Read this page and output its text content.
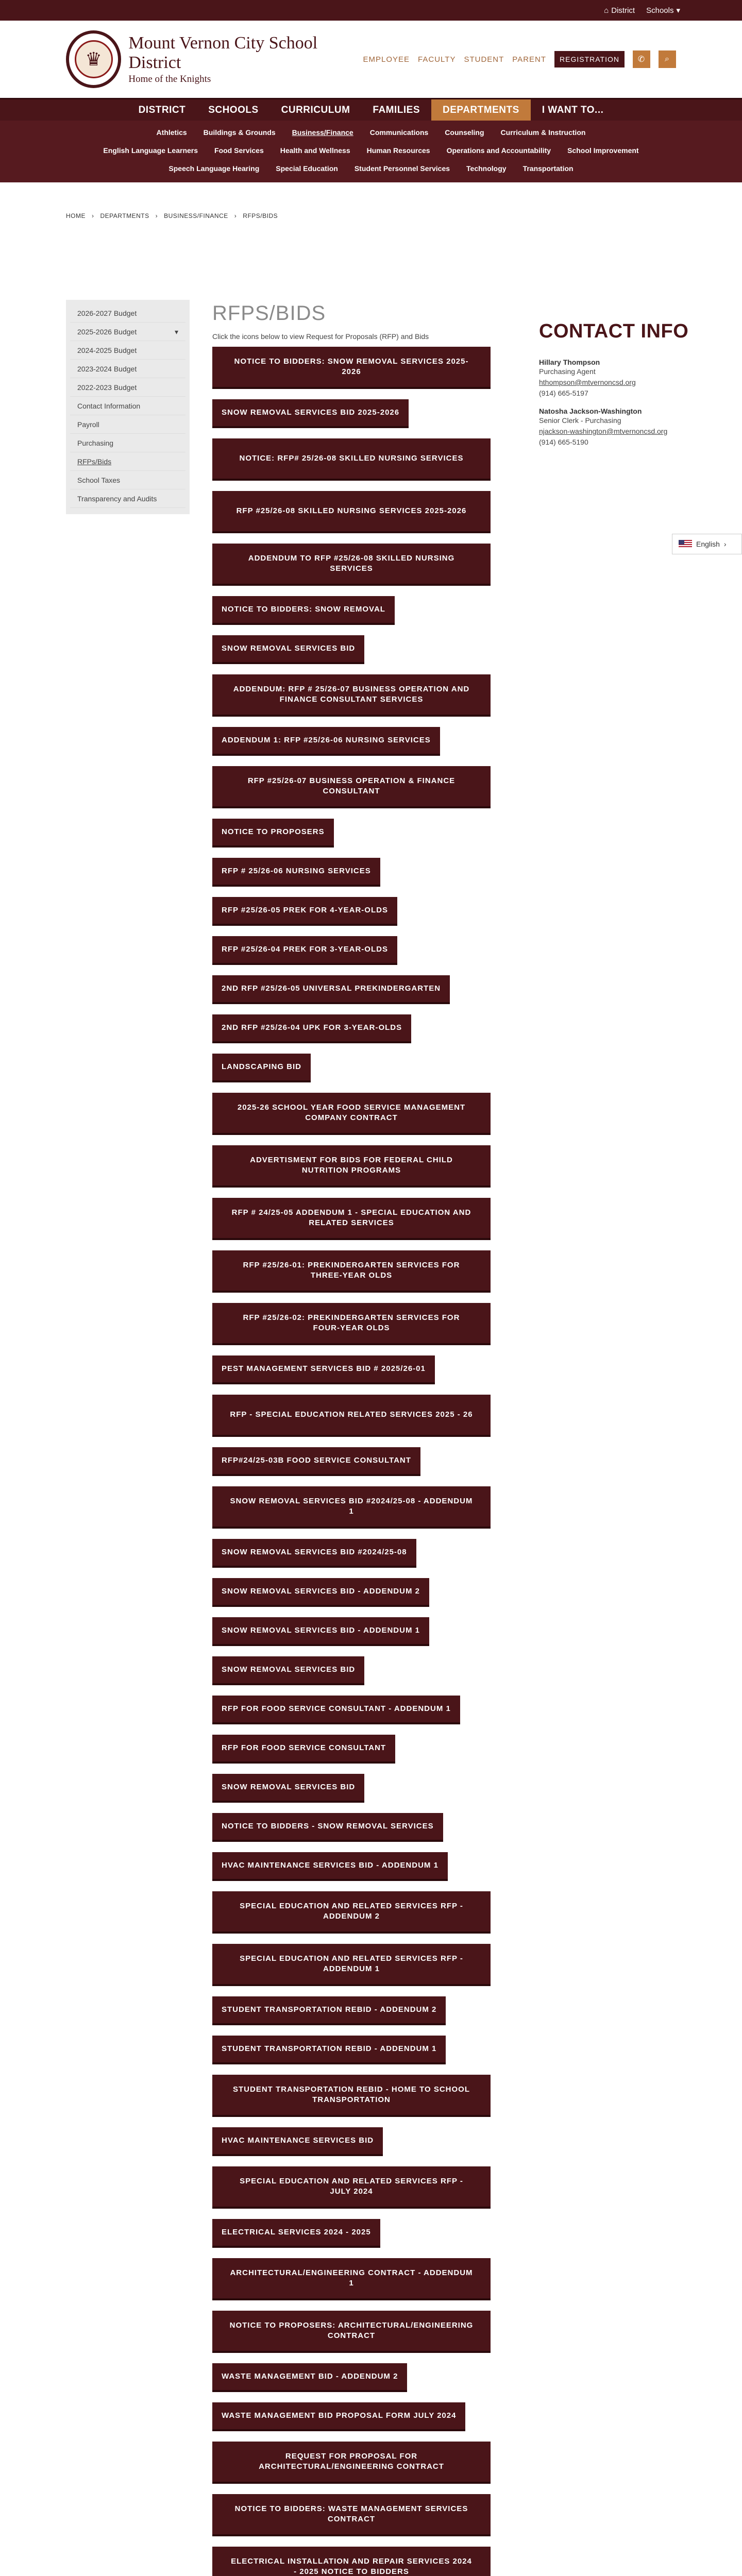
⌂ District Schools ▾
♛
Mount Vernon City School District
Home of the Knights
EMPLOYEE FACULTY STUDENT PARENT	REGISTRATION	✆	⌕
DISTRICT	SCHOOLS	CURRICULUM	FAMILIES	DEPARTMENTS	I WANT TO...
Athletics Buildings & Grounds Business/Finance Communications Counseling Curriculum & Instruction
English Language Learners Food Services Health and Wellness Human Resources Operations and Accountability School Improvement
Speech Language Hearing Special Education Student Personnel Services Technology Transportation
HOME › DEPARTMENTS › BUSINESS/FINANCE › RFPS/BIDS
2026-2027 Budget
2025-2026 Budget	▾
2024-2025 Budget
2023-2024 Budget
2022-2023 Budget
Contact Information
Payroll
Purchasing
RFPs/Bids
School Taxes
Transparency and Audits
RFPS/BIDS
Click the icons below to view Request for Proposals (RFP) and Bids
NOTICE TO BIDDERS: SNOW REMOVAL SERVICES 2025-2026
SNOW REMOVAL SERVICES BID 2025-2026
NOTICE: RFP# 25/26-08 SKILLED NURSING SERVICES
RFP #25/26-08 SKILLED NURSING SERVICES 2025-2026
ADDENDUM TO RFP #25/26-08 SKILLED NURSING SERVICES
NOTICE TO BIDDERS: SNOW REMOVAL
SNOW REMOVAL SERVICES BID
ADDENDUM: RFP # 25/26-07 BUSINESS OPERATION AND FINANCE CONSULTANT SERVICES
ADDENDUM 1: RFP #25/26-06 NURSING SERVICES
RFP #25/26-07 BUSINESS OPERATION & FINANCE CONSULTANT
NOTICE TO PROPOSERS
RFP # 25/26-06 NURSING SERVICES
RFP #25/26-05 PREK FOR 4-YEAR-OLDS
RFP #25/26-04 PREK FOR 3-YEAR-OLDS
2ND RFP #25/26-05 UNIVERSAL PREKINDERGARTEN
2ND RFP #25/26-04 UPK FOR 3-YEAR-OLDS
LANDSCAPING BID
2025-26 SCHOOL YEAR FOOD SERVICE MANAGEMENT COMPANY CONTRACT
ADVERTISMENT FOR BIDS FOR FEDERAL CHILD NUTRITION PROGRAMS
RFP # 24/25-05 ADDENDUM 1 - SPECIAL EDUCATION AND RELATED SERVICES
RFP #25/26-01: PREKINDERGARTEN SERVICES FOR THREE-YEAR OLDS
RFP #25/26-02: PREKINDERGARTEN SERVICES FOR FOUR-YEAR OLDS
PEST MANAGEMENT SERVICES BID # 2025/26-01
RFP - SPECIAL EDUCATION RELATED SERVICES 2025 - 26
RFP#24/25-03B FOOD SERVICE CONSULTANT
SNOW REMOVAL SERVICES BID #2024/25-08 - ADDENDUM 1
SNOW REMOVAL SERVICES BID #2024/25-08
SNOW REMOVAL SERVICES BID - ADDENDUM 2
SNOW REMOVAL SERVICES BID - ADDENDUM 1
SNOW REMOVAL SERVICES BID
RFP FOR FOOD SERVICE CONSULTANT - ADDENDUM 1
RFP FOR FOOD SERVICE CONSULTANT
SNOW REMOVAL SERVICES BID
NOTICE TO BIDDERS - SNOW REMOVAL SERVICES
HVAC MAINTENANCE SERVICES BID - ADDENDUM 1
SPECIAL EDUCATION AND RELATED SERVICES RFP - ADDENDUM 2
SPECIAL EDUCATION AND RELATED SERVICES RFP - ADDENDUM 1
STUDENT TRANSPORTATION REBID - ADDENDUM 2
STUDENT TRANSPORTATION REBID - ADDENDUM 1
STUDENT TRANSPORTATION REBID - HOME TO SCHOOL TRANSPORTATION
HVAC MAINTENANCE SERVICES BID
SPECIAL EDUCATION AND RELATED SERVICES RFP - JULY 2024
ELECTRICAL SERVICES 2024 - 2025
ARCHITECTURAL/ENGINEERING CONTRACT - ADDENDUM 1
NOTICE TO PROPOSERS: ARCHITECTURAL/ENGINEERING CONTRACT
WASTE MANAGEMENT BID - ADDENDUM 2
WASTE MANAGEMENT BID PROPOSAL FORM JULY 2024
REQUEST FOR PROPOSAL FOR ARCHITECTURAL/ENGINEERING CONTRACT
NOTICE TO BIDDERS: WASTE MANAGEMENT SERVICES CONTRACT
ELECTRICAL INSTALLATION AND REPAIR SERVICES 2024 - 2025 NOTICE TO BIDDERS
CONTACT INFO
Hillary Thompson
Purchasing Agent
hthompson@mtvernoncsd.org
(914) 665-5197
Natosha Jackson-Washington
Senior Clerk - Purchasing
njackson-washington@mtvernoncsd.org
(914) 665-5190
English ›
